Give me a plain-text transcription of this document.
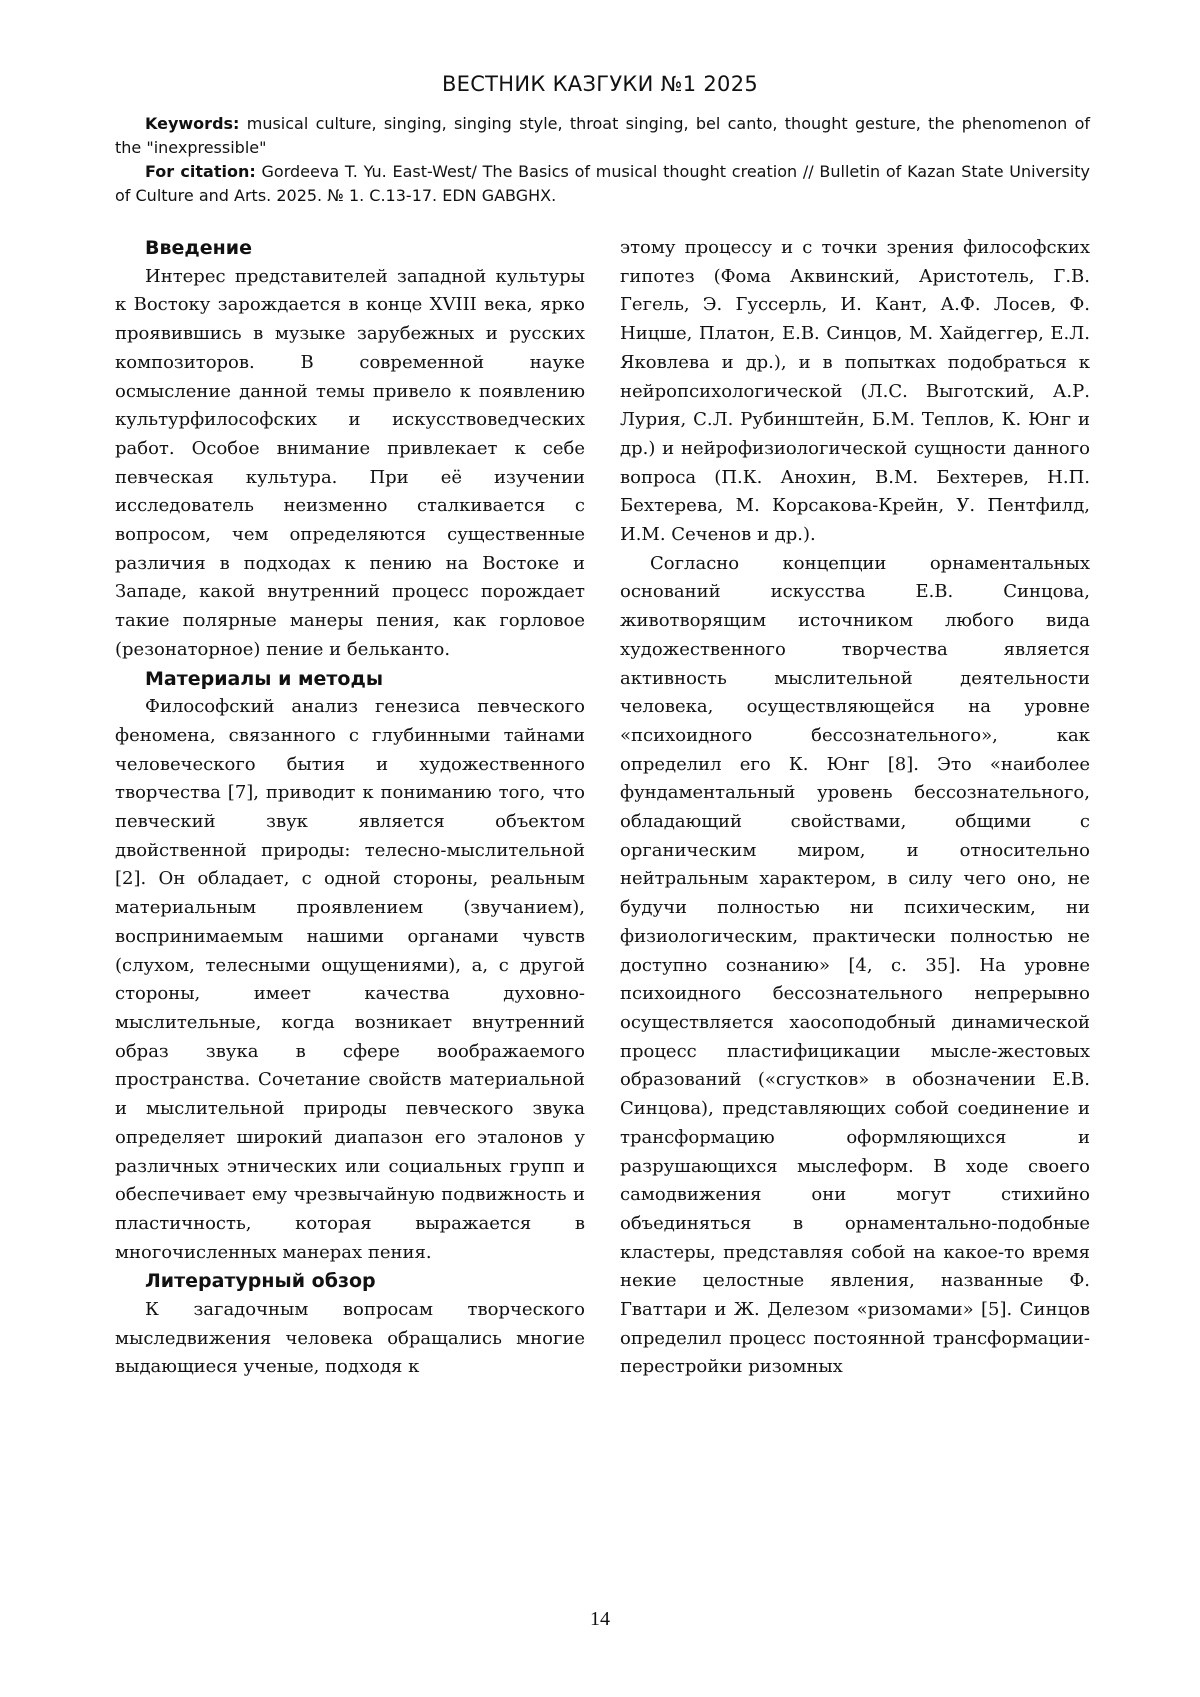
ВЕСТНИК КАЗГУКИ №1 2025

Keywords: musical culture, singing, singing style, throat singing, bel canto, thought gesture, the phenomenon of the "inexpressible"

For citation: Gordeeva T. Yu. East-West/ The Basics of musical thought creation // Bulletin of Kazan State University of Culture and Arts. 2025. № 1. C.13-17. EDN GABGHX.

Введение

Интерес представителей западной культуры к Востоку зарождается в конце XVIII века, ярко проявившись в музыке зарубежных и русских композиторов. В современной науке осмысление данной темы привело к появлению культурфилософских и искусствоведческих работ. Особое внимание привлекает к себе певческая культура. При её изучении исследователь неизменно сталкивается с вопросом, чем определяются существенные различия в подходах к пению на Востоке и Западе, какой внутренний процесс порождает такие полярные манеры пения, как горловое (резонаторное) пение и бельканто.

Материалы и методы

Философский анализ генезиса певческого феномена, связанного с глубинными тайнами человеческого бытия и художественного творчества [7], приводит к пониманию того, что певческий звук является объектом двойственной природы: телесно-мыслительной [2]. Он обладает, с одной стороны, реальным материальным проявлением (звучанием), воспринимаемым нашими органами чувств (слухом, телесными ощущениями), а, с другой стороны, имеет качества духовно-мыслительные, когда возникает внутренний образ звука в сфере воображаемого пространства. Сочетание свойств материальной и мыслительной природы певческого звука определяет широкий диапазон его эталонов у различных этнических или социальных групп и обеспечивает ему чрезвычайную подвижность и пластичность, которая выражается в многочисленных манерах пения.

Литературный обзор

К загадочным вопросам творческого мыследвижения человека обращались многие выдающиеся ученые, подходя к

этому процессу и с точки зрения философских гипотез (Фома Аквинский, Аристотель, Г.В. Гегель, Э. Гуссерль, И. Кант, А.Ф. Лосев, Ф. Ницше, Платон, Е.В. Синцов, М. Хайдеггер, Е.Л. Яковлева и др.), и в попытках подобраться к нейропсихологической (Л.С. Выготский, А.Р. Лурия, С.Л. Рубинштейн, Б.М. Теплов, К. Юнг и др.) и нейрофизиологической сущности данного вопроса (П.К. Анохин, В.М. Бехтерев, Н.П. Бехтерева, М. Корсакова-Крейн, У. Пентфилд, И.М. Сеченов и др.).

Согласно концепции орнаментальных оснований искусства Е.В. Синцова, животворящим источником любого вида художественного творчества является активность мыслительной деятельности человека, осуществляющейся на уровне «психоидного бессознательного», как определил его К. Юнг [8]. Это «наиболее фундаментальный уровень бессознательного, обладающий свойствами, общими с органическим миром, и относительно нейтральным характером, в силу чего оно, не будучи полностью ни психическим, ни физиологическим, практически полностью не доступно сознанию» [4, с. 35]. На уровне психоидного бессознательного непрерывно осуществляется хаосоподобный динамической процесс пластифицикации мысле-жестовых образований («сгустков» в обозначении Е.В. Синцова), представляющих собой соединение и трансформацию оформляющихся и разрушающихся мыслеформ. В ходе своего самодвижения они могут стихийно объединяться в орнаментально-подобные кластеры, представляя собой на какое-то время некие целостные явления, названные Ф. Гваттари и Ж. Делезом «ризомами» [5]. Синцов определил процесс постоянной трансформации-перестройки ризомных

14
